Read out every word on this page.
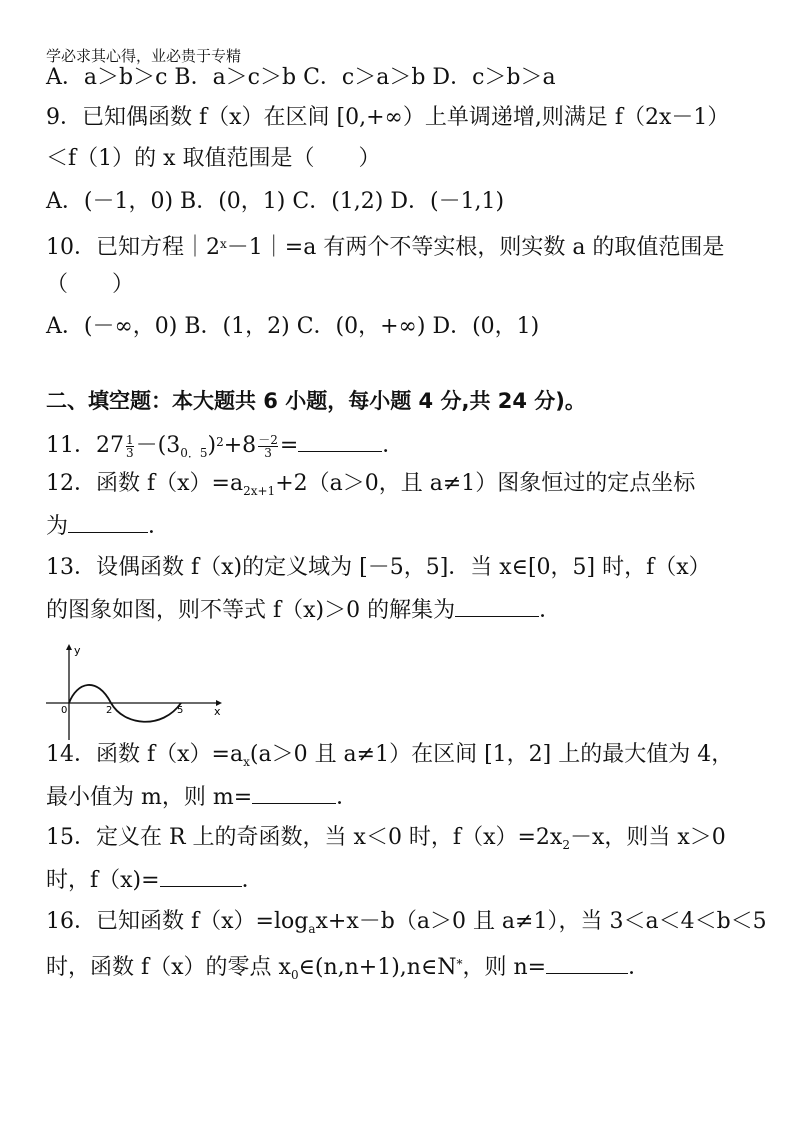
学必求其心得，业必贵于专精
A．a＞b＞c B．a＞c＞b C．c＞a＞b D．c＞b＞a
9．已知偶函数 f（x）在区间 [0,+∞）上单调递增,则满足 f（2x－1）
＜f（1）的 x 取值范围是（　　）
A．(－1，0) B．(0，1) C．(1,2) D．(－1,1)
10．已知方程$|2^x-1|=a$ 有两个不等实根，则实数 a 的取值范围是
（　　）
A．(－∞，0) B．(1，2) C．(0，+∞) D．(0，1)
二、填空题：本大题共 6 小题，每小题 4 分,共 24 分)。
11．$27 \frac{1}{3} -(3_{0.5})^2+8 \frac{-2}{3}$ =	．
12．函数 $f(x)=a_{2x+1}+2(a>0$，且 a≠1）图象恒过的定点坐标
为	．
13．设偶函数 f（x)的定义域为 [－5，5]．当 x∈[0，5] 时，f（x）
的图象如图，则不等式 f（x)＞0 的解集为	．
y
x
0	2	5
14．函数 $f(x)=a_x(a>0$ 且 a≠1）在区间 [1，2] 上的最大值为 4，
最小值为 m，则 m=	．
15．定义在 R 上的奇函数，当 x＜0 时，$f(x)=2x_2-x$，则当 x＞0
时，f（x)=	．
16．已知函数 $f(x)=\log_ax+x-b(a>0$ 且 a≠1），当 3＜a＜4＜b＜5
时，函数 f（x）的零点 $x_0\in(n,n+1),n\in N^*$，则 n=	．
